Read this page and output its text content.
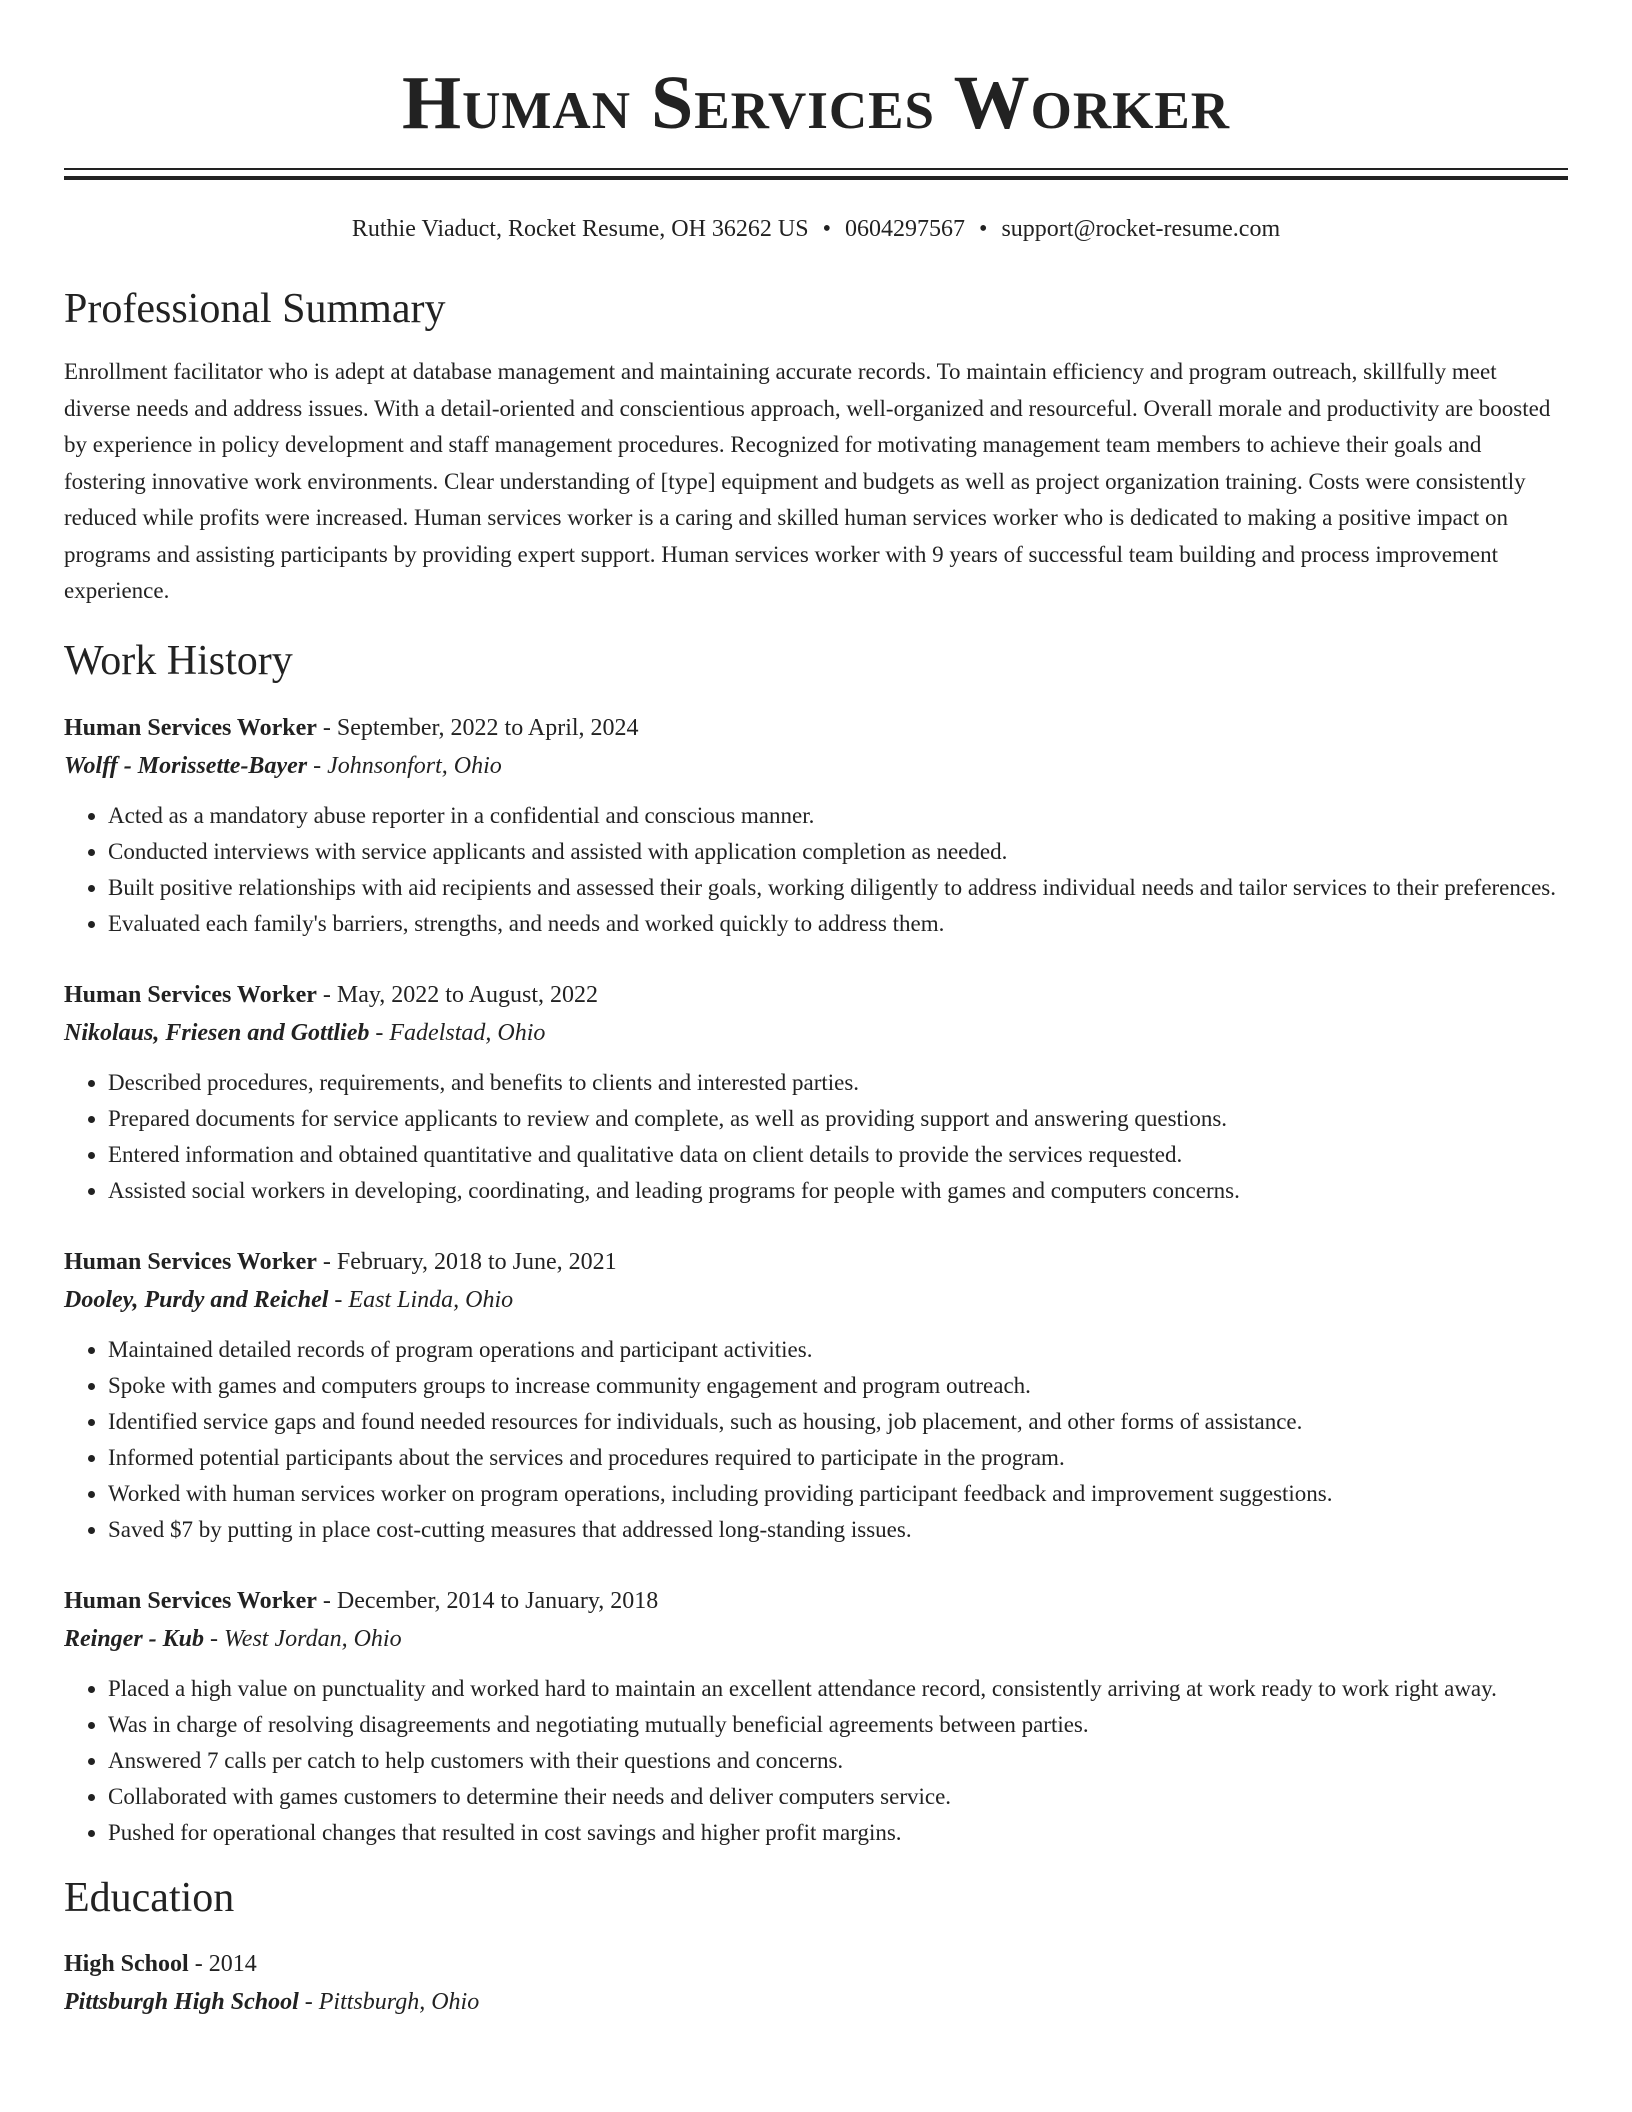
Human Services Worker
Ruthie Viaduct, Rocket Resume, OH 36262 US • 0604297567 • support@rocket-resume.com
Professional Summary

Enrollment facilitator who is adept at database management and maintaining accurate records. To maintain efficiency and program outreach, skillfully meet diverse needs and address issues. With a detail-oriented and conscientious approach, well-organized and resourceful. Overall morale and productivity are boosted by experience in policy development and staff management procedures. Recognized for motivating management team members to achieve their goals and fostering innovative work environments. Clear understanding of [type] equipment and budgets as well as project organization training. Costs were consistently reduced while profits were increased. Human services worker is a caring and skilled human services worker who is dedicated to making a positive impact on programs and assisting participants by providing expert support. Human services worker with 9 years of successful team building and process improvement experience.

Work History
Human Services Worker - September, 2022 to April, 2024
Wolff - Morissette-Bayer - Johnsonfort, Ohio
• Acted as a mandatory abuse reporter in a confidential and conscious manner.
• Conducted interviews with service applicants and assisted with application completion as needed.
• Built positive relationships with aid recipients and assessed their goals, working diligently to address individual needs and tailor services to their preferences.
• Evaluated each family's barriers, strengths, and needs and worked quickly to address them.
Human Services Worker - May, 2022 to August, 2022
Nikolaus, Friesen and Gottlieb - Fadelstad, Ohio
• Described procedures, requirements, and benefits to clients and interested parties.
• Prepared documents for service applicants to review and complete, as well as providing support and answering questions.
• Entered information and obtained quantitative and qualitative data on client details to provide the services requested.
• Assisted social workers in developing, coordinating, and leading programs for people with games and computers concerns.
Human Services Worker - February, 2018 to June, 2021
Dooley, Purdy and Reichel - East Linda, Ohio
• Maintained detailed records of program operations and participant activities.
• Spoke with games and computers groups to increase community engagement and program outreach.
• Identified service gaps and found needed resources for individuals, such as housing, job placement, and other forms of assistance.
• Informed potential participants about the services and procedures required to participate in the program.
• Worked with human services worker on program operations, including providing participant feedback and improvement suggestions.
• Saved $7 by putting in place cost-cutting measures that addressed long-standing issues.
Human Services Worker - December, 2014 to January, 2018
Reinger - Kub - West Jordan, Ohio
• Placed a high value on punctuality and worked hard to maintain an excellent attendance record, consistently arriving at work ready to work right away.
• Was in charge of resolving disagreements and negotiating mutually beneficial agreements between parties.
• Answered 7 calls per catch to help customers with their questions and concerns.
• Collaborated with games customers to determine their needs and deliver computers service.
• Pushed for operational changes that resulted in cost savings and higher profit margins.
Education
High School - 2014
Pittsburgh High School - Pittsburgh, Ohio
